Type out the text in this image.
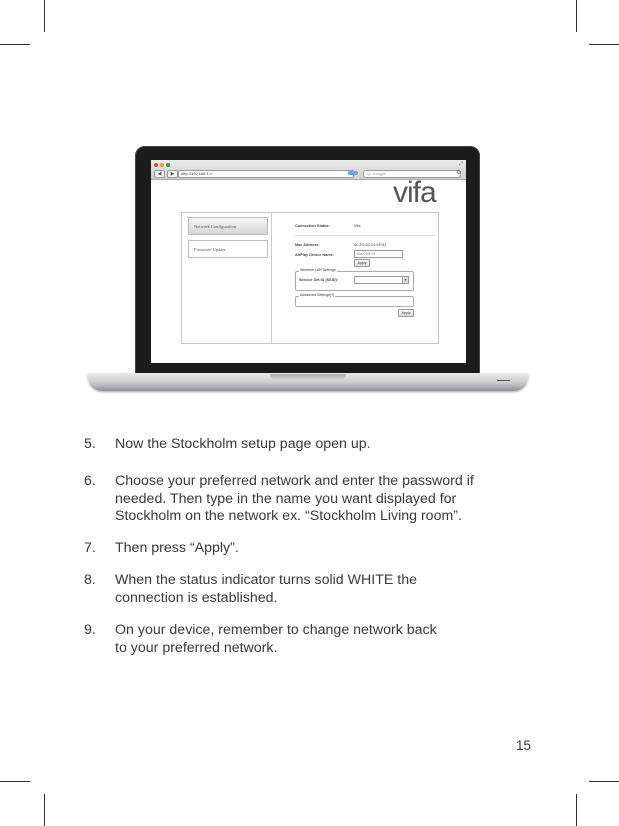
⤢
◀	▶	http://192.168.1.1	Q- Google	⚙
vifa
Network Configuration
Firmware Update
Connection Status:	Vifa
Mac Address:	4C:F0:2C:01:0F:91
AirPlay Device Name:	Vifa-010F91
Apply
Wireless LAN Settings
Service Set ID (SSID):	▾
Advanced Settings[+]
Apply
5.	Now the Stockholm setup page open up.
6.	Choose your preferred network and enter the password if
needed. Then type in the name you want displayed for
Stockholm on the network ex. “Stockholm Living room”.
7.	Then press “Apply”.
8.	When the status indicator turns solid WHITE the
connection is established.
9.	On your device, remember to change network back
to your preferred network.
15
